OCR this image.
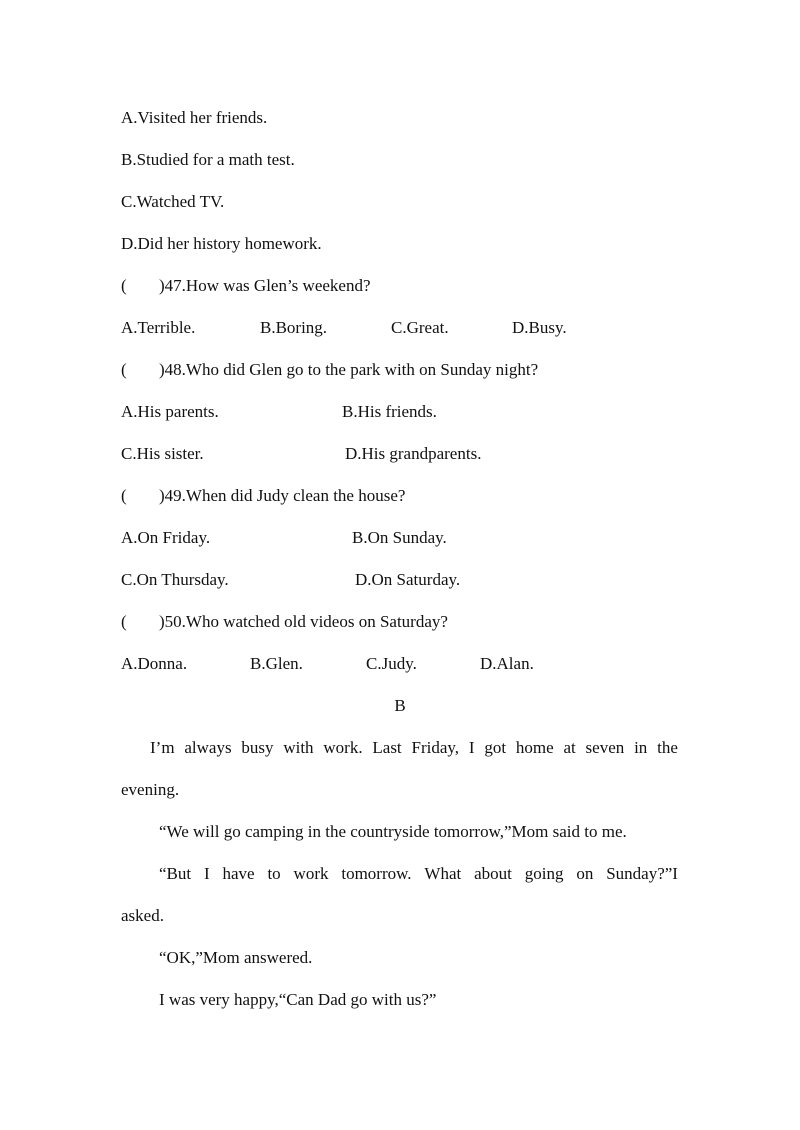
A.Visited her friends.
B.Studied for a math test.
C.Watched TV.
D.Did her history homework.
( )47.How was Glen’s weekend?
A.Terrible.	B.Boring.	C.Great.	D.Busy.
( )48.Who did Glen go to the park with on Sunday night?
A.His parents.	B.His friends.
C.His sister.	D.His grandparents.
( )49.When did Judy clean the house?
A.On Friday.	B.On Sunday.
C.On Thursday.	D.On Saturday.
( )50.Who watched old videos on Saturday?
A.Donna.	B.Glen.	C.Judy.	D.Alan.
B
I’m always busy with work. Last Friday, I got home at seven in the
evening.
“We will go camping in the countryside tomorrow,”Mom said to me.
“But I have to work tomorrow. What about going on Sunday?”I
asked.
“OK,”Mom answered.
I was very happy,“Can Dad go with us?”
